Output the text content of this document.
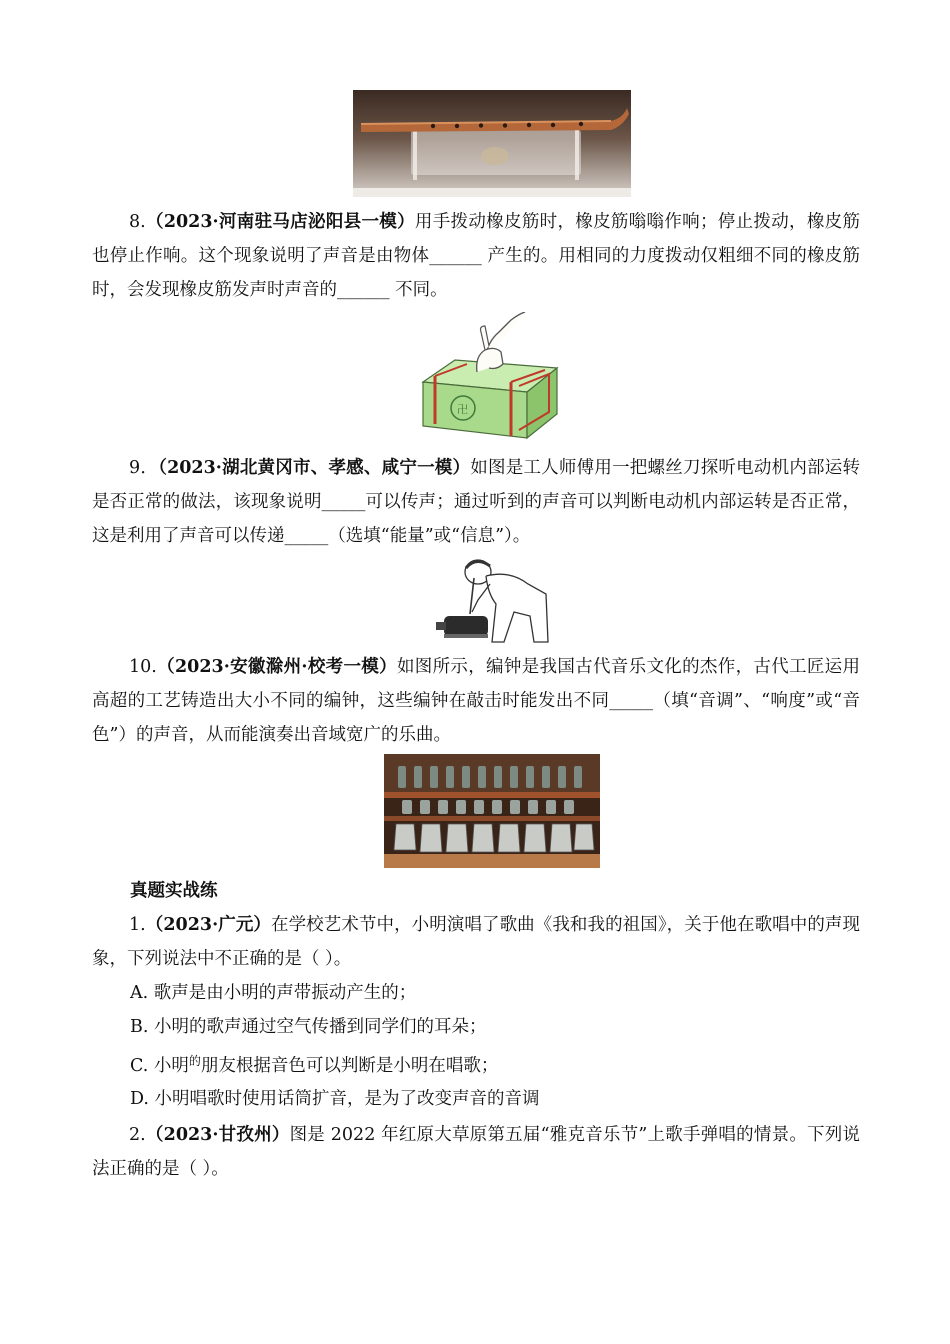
8.（2023·河南驻马店泌阳县一模）用手拨动橡皮筋时，橡皮筋嗡嗡作响；停止拨动，橡皮筋也停止作响。这个现象说明了声音是由物体______ 产生的。用相同的力度拨动仅粗细不同的橡皮筋时，会发现橡皮筋发声时声音的______ 不同。

卍

9．（2023·湖北黄冈市、孝感、咸宁一模）如图是工人师傅用一把螺丝刀探听电动机内部运转是否正常的做法，该现象说明_____可以传声；通过听到的声音可以判断电动机内部运转是否正常，这是利用了声音可以传递_____（选填“能量”或“信息”）。

10.（2023·安徽滁州·校考一模）如图所示，编钟是我国古代音乐文化的杰作，古代工匠运用高超的工艺铸造出大小不同的编钟，这些编钟在敲击时能发出不同_____（填“音调”、“响度”或“音色”）的声音，从而能演奏出音域宽广的乐曲。

真题实战练

1.（2023·广元）在学校艺术节中，小明演唱了歌曲《我和我的祖国》，关于他在歌唱中的声现象，下列说法中不正确的是（ ）。

A. 歌声是由小明的声带振动产生的；

B. 小明的歌声通过空气传播到同学们的耳朵；

C. 小明$^的$朋友根据音色可以判断是小明在唱歌；

D. 小明唱歌时使用话筒扩音，是为了改变声音的音调

2.（2023·甘孜州）图是 2022 年红原大草原第五届“雅克音乐节”上歌手弹唱的情景。下列说法正确的是（ ）。
